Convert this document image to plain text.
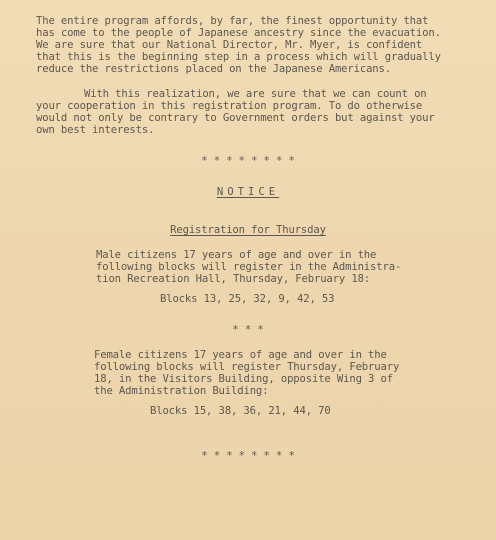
The entire program affords, by far, the finest opportunity that
has come to the people of Japanese ancestry since the evacuation.
We are sure that our National Director, Mr. Myer, is confident
that this is the beginning step in a process which will gradually
reduce the restrictions placed on the Japanese Americans.
With this realization, we are sure that we can count on
your cooperation in this registration program. To do otherwise
would not only be contrary to Government orders but against your
own best interests.
* * * * * * * *
NOTICE
Registration for Thursday
Male citizens 17 years of age and over in the
following blocks will register in the Administra-
tion Recreation Hall, Thursday, February 18:
Blocks 13, 25, 32, 9, 42, 53
* * *
Female citizens 17 years of age and over in the
following blocks will register Thursday, February
18, in the Visitors Building, opposite Wing 3 of
the Administration Building:
Blocks 15, 38, 36, 21, 44, 70
* * * * * * * *
